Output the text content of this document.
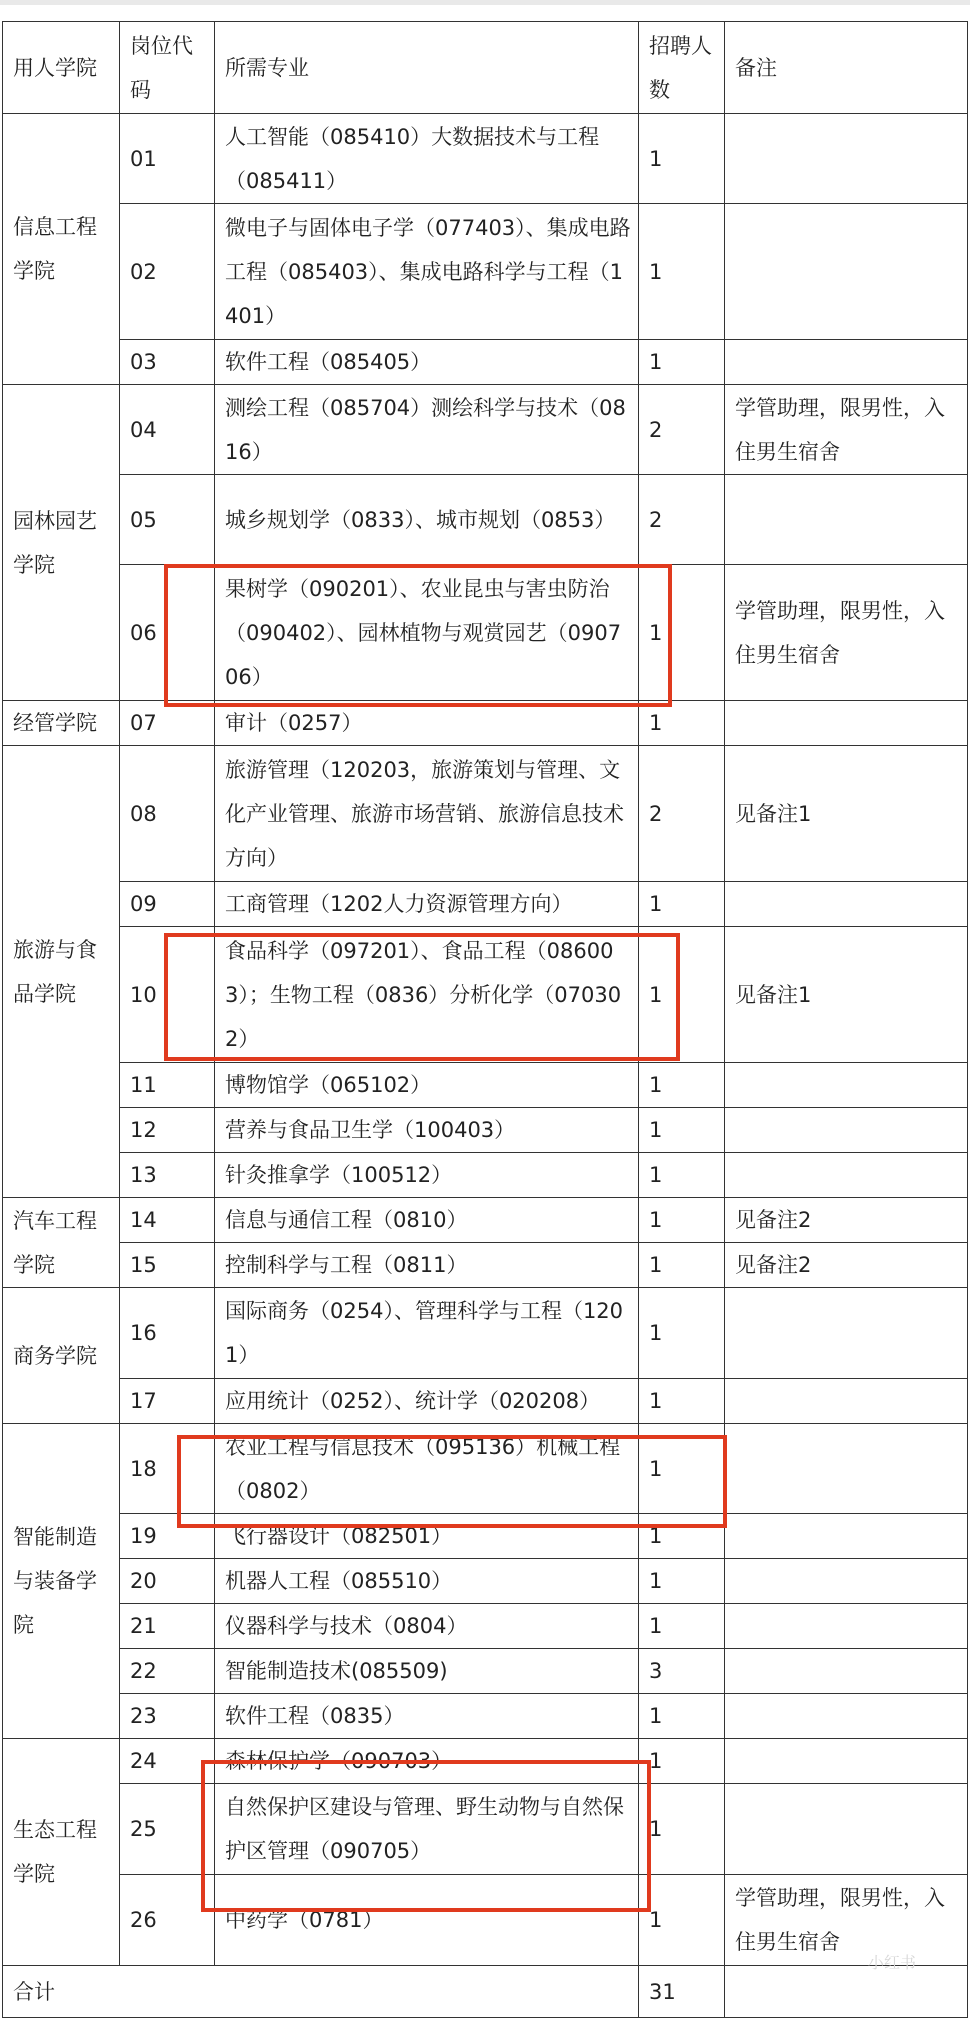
用人学院	岗位代码	所需专业	招聘人数	备注
信息工程学院	01	人工智能（085410）大数据技术与工程（085411）	1	
	02	微电子与固体电子学（077403）、集成电路工程（085403）、集成电路科学与工程（1401）	1	
	03	软件工程（085405）	1	
园林园艺学院	04	测绘工程（085704）测绘科学与技术（0816）	2	学管助理，限男性，入住男生宿舍
	05	城乡规划学（0833）、城市规划（0853）	2	
	06	果树学（090201）、农业昆虫与害虫防治（090402）、园林植物与观赏园艺（090706）	1	学管助理，限男性，入住男生宿舍
经管学院	07	审计（0257）	1	
旅游与食品学院	08	旅游管理（120203，旅游策划与管理、文化产业管理、旅游市场营销、旅游信息技术方向）	2	见备注1
	09	工商管理（1202人力资源管理方向）	1	
	10	食品科学（097201）、食品工程（086003）；生物工程（0836）分析化学（070302）	1	见备注1
	11	博物馆学（065102）	1	
	12	营养与食品卫生学（100403）	1	
	13	针灸推拿学（100512）	1	
汽车工程学院	14	信息与通信工程（0810）	1	见备注2
	15	控制科学与工程（0811）	1	见备注2
商务学院	16	国际商务（0254）、管理科学与工程（1201）	1	
	17	应用统计（0252）、统计学（020208）	1	
智能制造与装备学院	18	农业工程与信息技术（095136）机械工程（0802）	1	
	19	飞行器设计（082501）	1	
	20	机器人工程（085510）	1	
	21	仪器科学与技术（0804）	1	
	22	智能制造技术(085509)	3	
	23	软件工程（0835）	1	
生态工程学院	24	森林保护学（090703）	1	
	25	自然保护区建设与管理、野生动物与自然保护区管理（090705）	1	
	26	中药学（0781）	1	学管助理，限男性，入住男生宿舍
合计			31	
小红书
